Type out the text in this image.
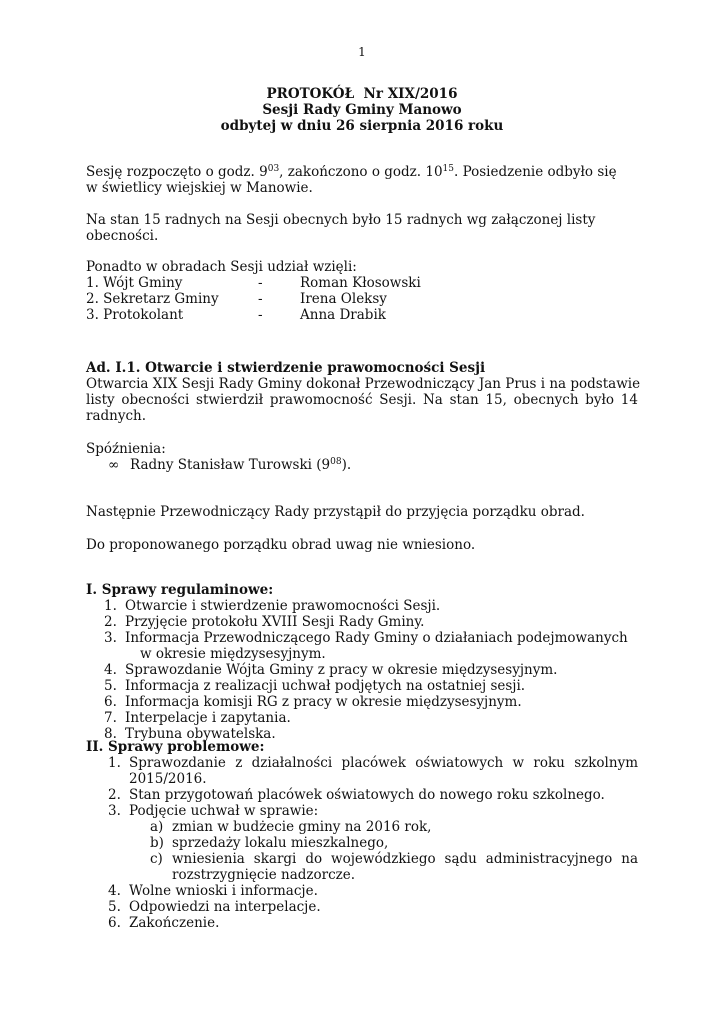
1
PROTOKÓŁ  Nr XIX/2016
Sesji Rady Gminy Manowo
odbytej w dniu 26 sierpnia 2016 roku
Sesję rozpoczęto o godz. $9^{03}$, zakończono o godz. $10^{15}$. Posiedzenie odbyło się
w świetlicy wiejskiej w Manowie.
Na stan 15 radnych na Sesji obecnych było 15 radnych wg załączonej listy
obecności.
Ponadto w obradach Sesji udział wzięli:
1. Wójt Gminy	-	Roman Kłosowski
2. Sekretarz Gminy	-	Irena Oleksy
3. Protokolant	-	Anna Drabik
Ad. I.1. Otwarcie i stwierdzenie prawomocności Sesji
Otwarcia XIX Sesji Rady Gminy dokonał Przewodniczący Jan Prus i na podstawie
listy obecności stwierdził prawomocność Sesji. Na stan 15, obecnych było 14
radnych.
Spóźnienia:
∞ Radny Stanisław Turowski $(9^{08})$.
Następnie Przewodniczący Rady przystąpił do przyjęcia porządku obrad.
Do proponowanego porządku obrad uwag nie wniesiono.
I. Sprawy regulaminowe:
1. Otwarcie i stwierdzenie prawomocności Sesji.
2. Przyjęcie protokołu XVIII Sesji Rady Gminy.
3. Informacja Przewodniczącego Rady Gminy o działaniach podejmowanych
w okresie międzysesyjnym.
4. Sprawozdanie Wójta Gminy z pracy w okresie międzysesyjnym.
5. Informacja z realizacji uchwał podjętych na ostatniej sesji.
6. Informacja komisji RG z pracy w okresie międzysesyjnym.
7. Interpelacje i zapytania.
8. Trybuna obywatelska.
II. Sprawy problemowe:
1. Sprawozdanie z działalności placówek oświatowych w roku szkolnym
2015/2016.
2. Stan przygotowań placówek oświatowych do nowego roku szkolnego.
3. Podjęcie uchwał w sprawie:
a) zmian w budżecie gminy na 2016 rok,
b) sprzedaży lokalu mieszkalnego,
c) wniesienia skargi do wojewódzkiego sądu administracyjnego na
rozstrzygnięcie nadzorcze.
4. Wolne wnioski i informacje.
5. Odpowiedzi na interpelacje.
6. Zakończenie.
